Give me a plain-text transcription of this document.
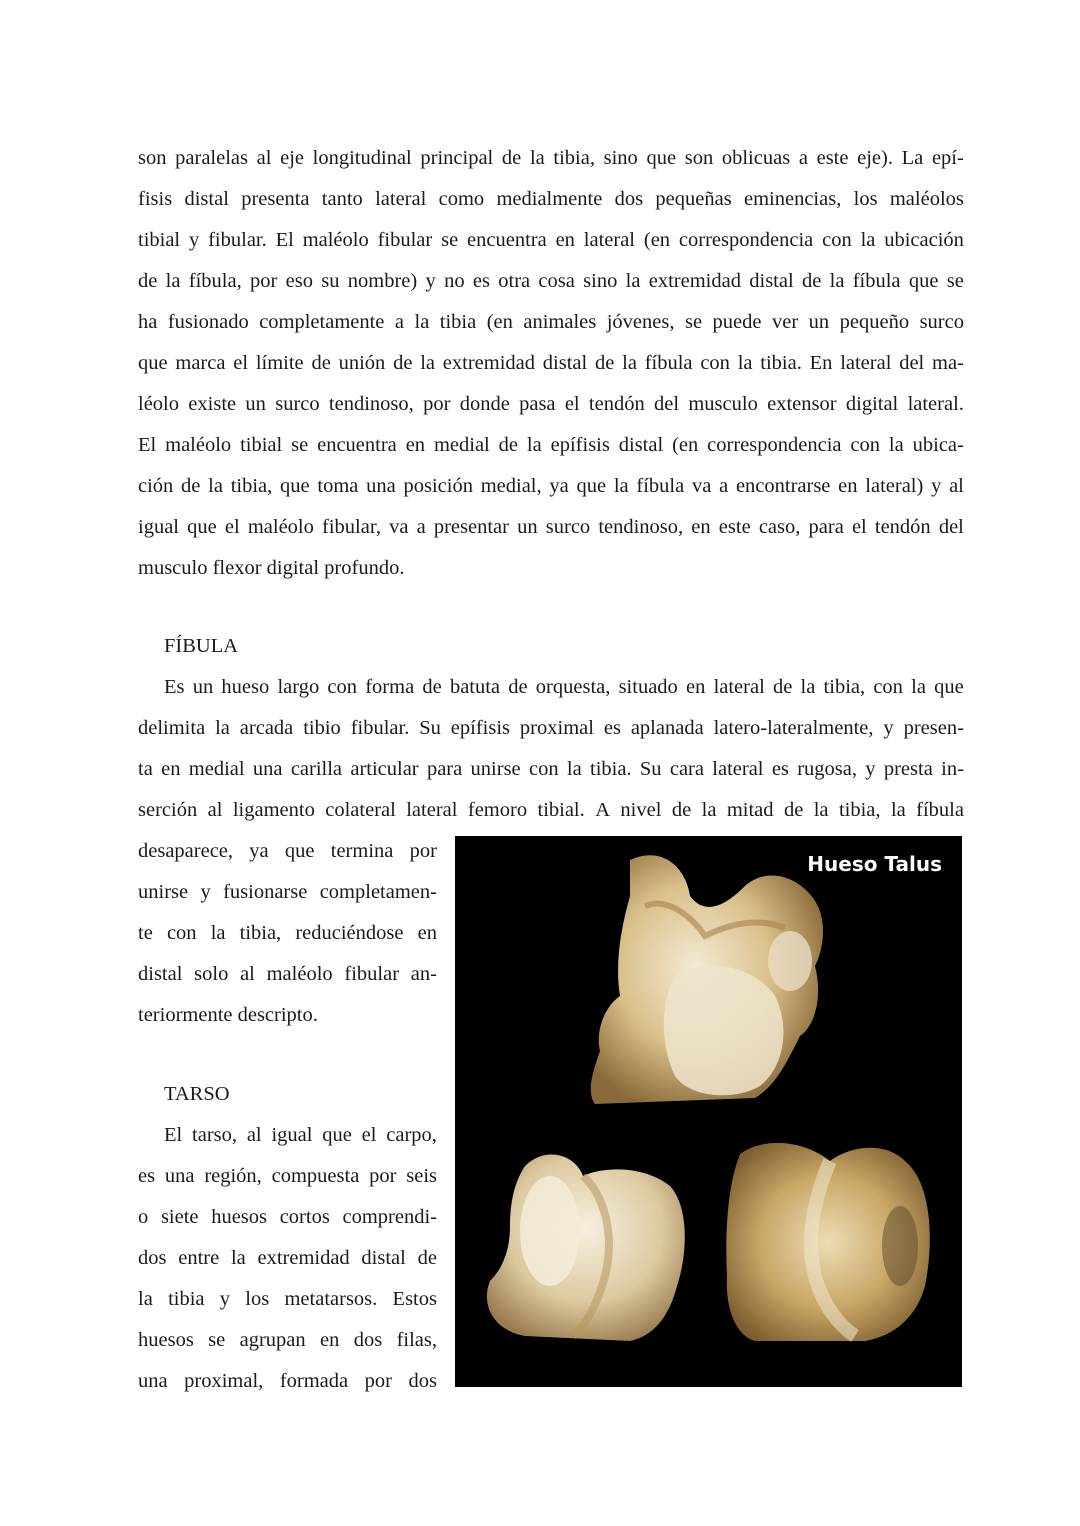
son paralelas al eje longitudinal principal de la tibia, sino que son oblicuas a este eje). La epí-
fisis distal presenta tanto lateral como medialmente dos pequeñas eminencias, los maléolos
tibial y fibular. El maléolo fibular se encuentra en lateral (en correspondencia con la ubicación
de la fíbula, por eso su nombre) y no es otra cosa sino la extremidad distal de la fíbula que se
ha fusionado completamente a la tibia (en animales jóvenes, se puede ver un pequeño surco
que marca el límite de unión de la extremidad distal de la fíbula con la tibia. En lateral del ma-
léolo existe un surco tendinoso, por donde pasa el tendón del musculo extensor digital lateral.
El maléolo tibial se encuentra en medial de la epífisis distal (en correspondencia con la ubica-
ción de la tibia, que toma una posición medial, ya que la fíbula va a encontrarse en lateral) y al
igual que el maléolo fibular, va a presentar un surco tendinoso, en este caso, para el tendón del
musculo flexor digital profundo.
FÍBULA
Es un hueso largo con forma de batuta de orquesta, situado en lateral de la tibia, con la que
delimita la arcada tibio fibular. Su epífisis proximal es aplanada latero-lateralmente, y presen-
ta en medial una carilla articular para unirse con la tibia. Su cara lateral es rugosa, y presta in-
serción al ligamento colateral lateral femoro tibial. A nivel de la mitad de la tibia, la fíbula
desaparece, ya que termina por
unirse y fusionarse completamen-
te con la tibia, reduciéndose en
distal solo al maléolo fibular an-
teriormente descripto.
TARSO
El tarso, al igual que el carpo,
es una región, compuesta por seis
o siete huesos cortos comprendi-
dos entre la extremidad distal de
la tibia y los metatarsos. Estos
huesos se agrupan en dos filas,
una proximal, formada por dos
Hueso Talus
